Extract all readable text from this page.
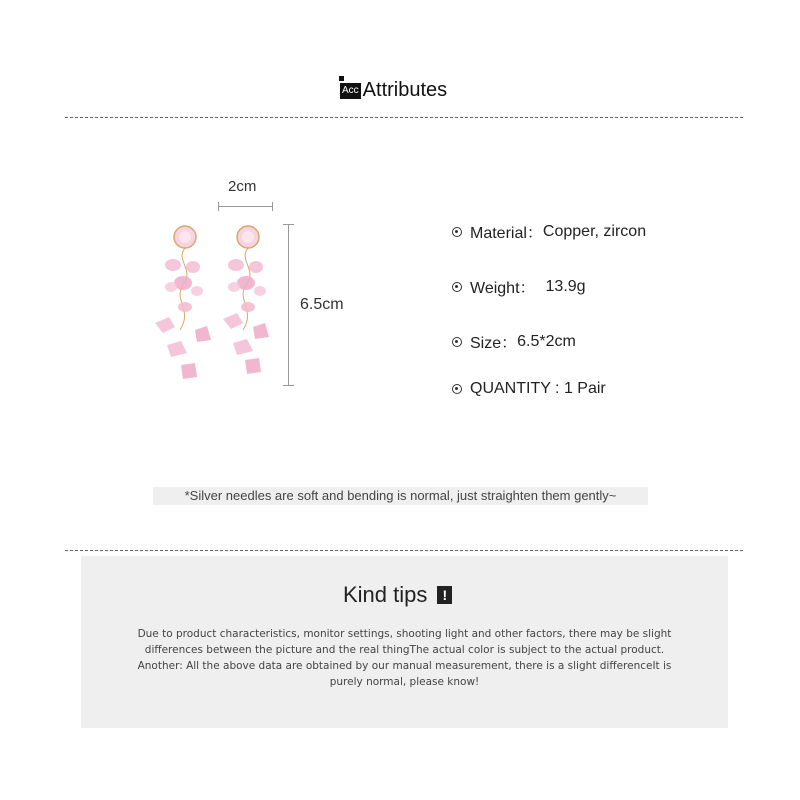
Acc Attributes
2cm
6.5cm
Material： Copper, zircon
Weight： 13.9g
Size： 6.5*2cm
QUANTITY : 1 Pair
*Silver needles are soft and bending is normal, just straighten them gently~
Kind tips	!
Due to product characteristics, monitor settings, shooting light and other factors, there may be slight
differences between the picture and the real thingThe actual color is subject to the actual product.
Another: All the above data are obtained by our manual measurement, there is a slight differenceIt is
purely normal, please know!
